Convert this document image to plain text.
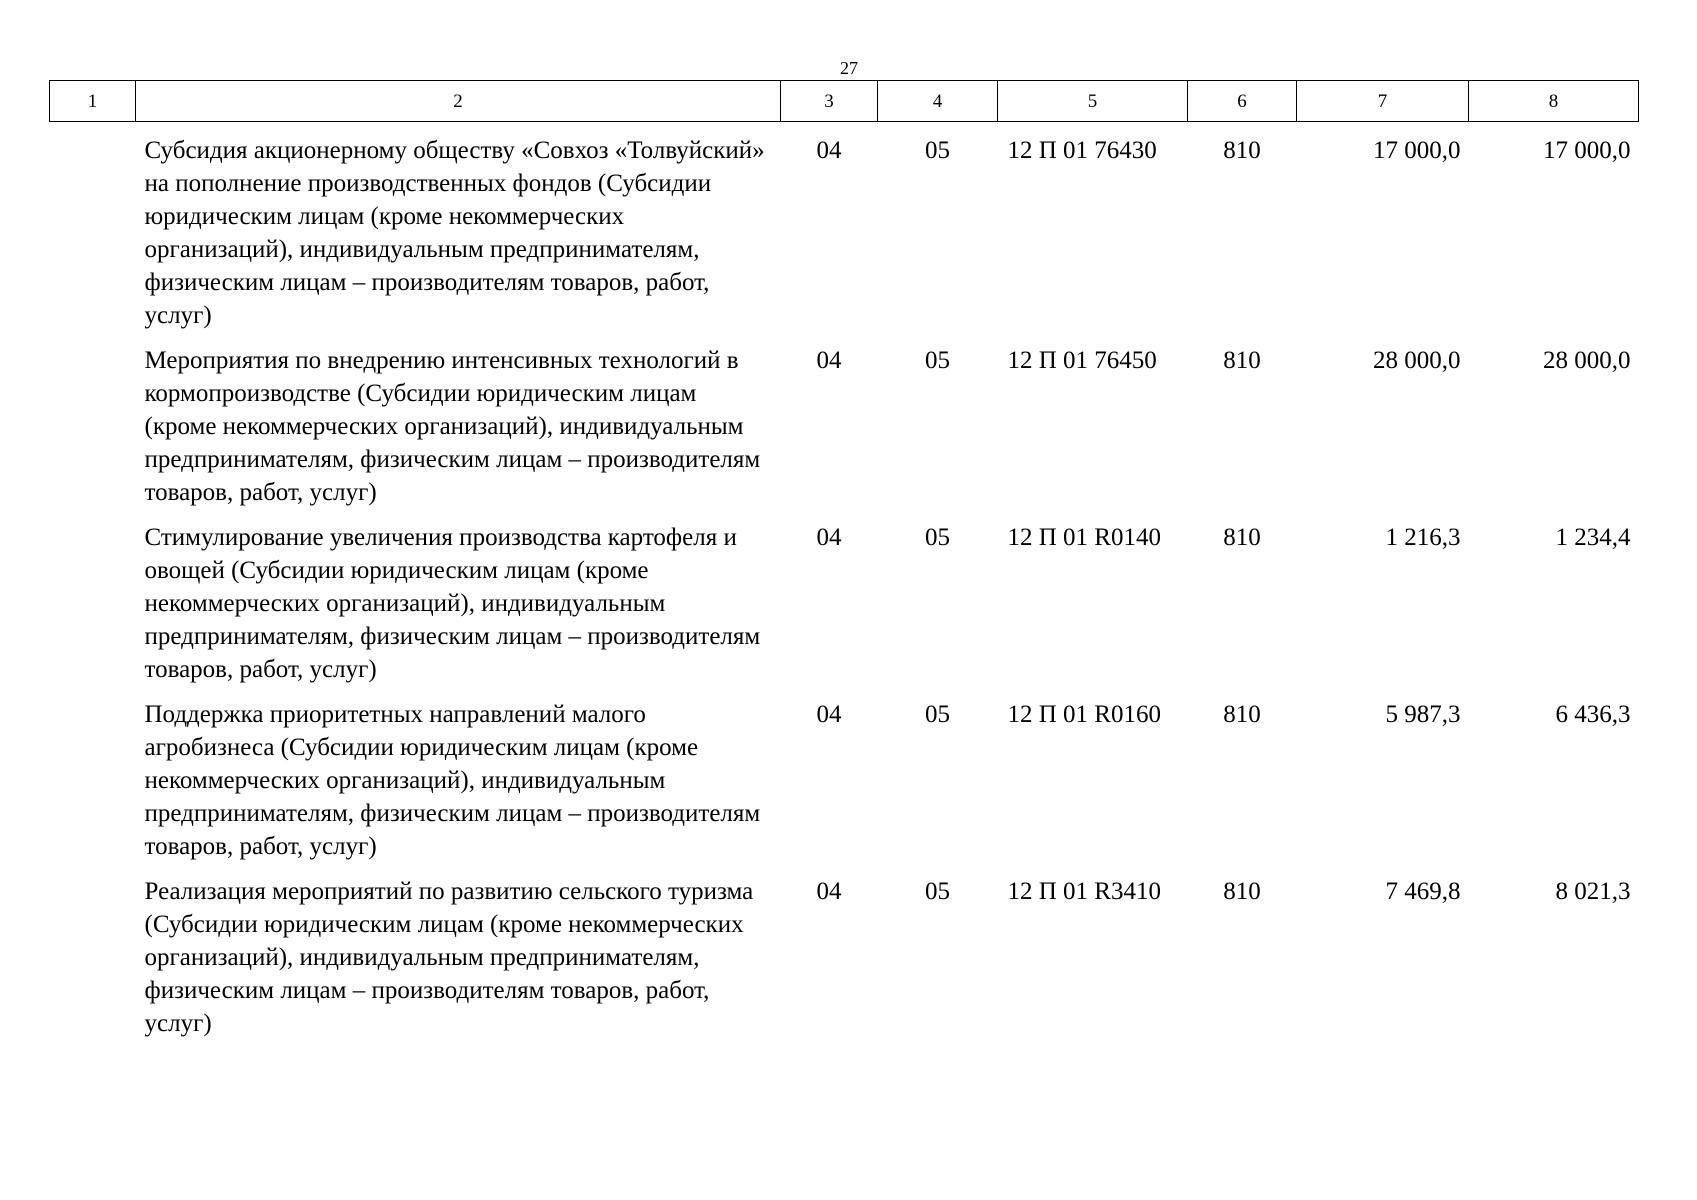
27
1	2	3	4	5	6	7	8
	Субсидия акционерному обществу «Совхоз «Толвуйский» на пополнение производственных фондов (Субсидии юридическим лицам (кроме некоммерческих организаций), индивидуальным предпринимателям, физическим лицам – производителям товаров, работ, услуг)	04	05	12 П 01 76430	810	17 000,0	17 000,0
	Мероприятия по внедрению интенсивных технологий в кормопроизводстве (Субсидии юридическим лицам (кроме некоммерческих организаций), индивидуальным предпринимателям, физическим лицам – производителям товаров, работ, услуг)	04	05	12 П 01 76450	810	28 000,0	28 000,0
	Стимулирование увеличения производства картофеля и овощей (Субсидии юридическим лицам (кроме некоммерческих организаций), индивидуальным предпринимателям, физическим лицам – производителям товаров, работ, услуг)	04	05	12 П 01 R0140	810	1 216,3	1 234,4
	Поддержка приоритетных направлений малого агробизнеса (Субсидии юридическим лицам (кроме некоммерческих организаций), индивидуальным предпринимателям, физическим лицам – производителям товаров, работ, услуг)	04	05	12 П 01 R0160	810	5 987,3	6 436,3
	Реализация мероприятий по развитию сельского туризма (Субсидии юридическим лицам (кроме некоммерческих организаций), индивидуальным предпринимателям, физическим лицам – производителям товаров, работ, услуг)	04	05	12 П 01 R3410	810	7 469,8	8 021,3
